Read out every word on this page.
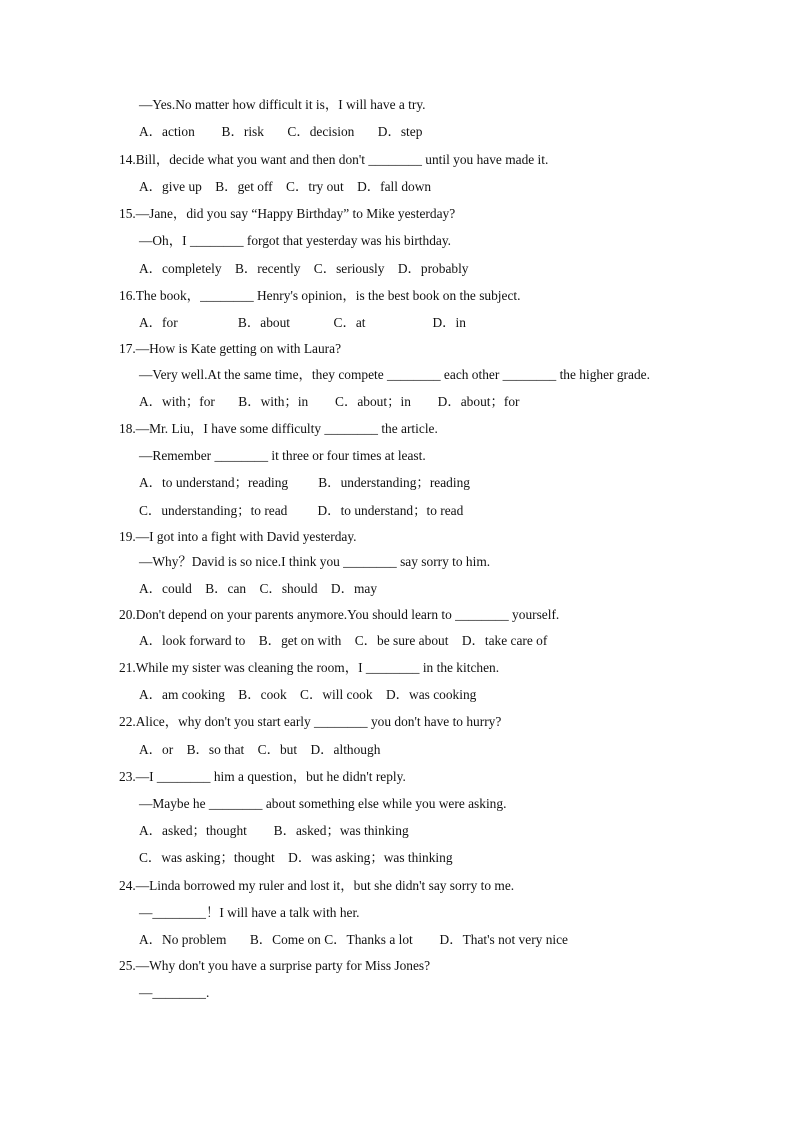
—Yes.No matter how difficult it is，I will have a try.
A．action        B．risk       C．decision       D．step
14.Bill，decide what you want and then don't ________ until you have made it.
A．give up    B．get off    C．try out    D．fall down
15.—Jane，did you say “Happy Birthday” to Mike yesterday?
—Oh，I ________ forgot that yesterday was his birthday.
A．completely    B．recently    C．seriously    D．probably
16.The book，________ Henry's opinion，is the best book on the subject.
A．for                  B．about             C．at                    D．in
17.—How is Kate getting on with Laura?
—Very well.At the same time，they compete ________ each other ________ the higher grade.
A．with；for       B．with；in        C．about；in        D．about；for
18.—Mr. Liu，I have some difficulty ________ the article.
—Remember ________ it three or four times at least.
A．to understand；reading         B．understanding；reading
C．understanding；to read         D．to understand；to read
19.—I got into a fight with David yesterday.
—Why？David is so nice.I think you ________ say sorry to him.
A．could    B．can    C．should    D．may
20.Don't depend on your parents anymore.You should learn to ________ yourself.
A．look forward to    B．get on with    C．be sure about    D．take care of
21.While my sister was cleaning the room，I ________ in the kitchen.
A．am cooking    B．cook    C．will cook    D．was cooking
22.Alice，why don't you start early ________ you don't have to hurry?
A．or    B．so that    C．but    D．although
23.—I ________ him a question，but he didn't reply.
—Maybe he ________ about something else while you were asking.
A．asked；thought        B．asked；was thinking
C．was asking；thought    D．was asking；was thinking
24.—Linda borrowed my ruler and lost it，but she didn't say sorry to me.
—________！I will have a talk with her.
A．No problem       B．Come on C．Thanks a lot        D．That's not very nice
25.—Why don't you have a surprise party for Miss Jones?
—________.
